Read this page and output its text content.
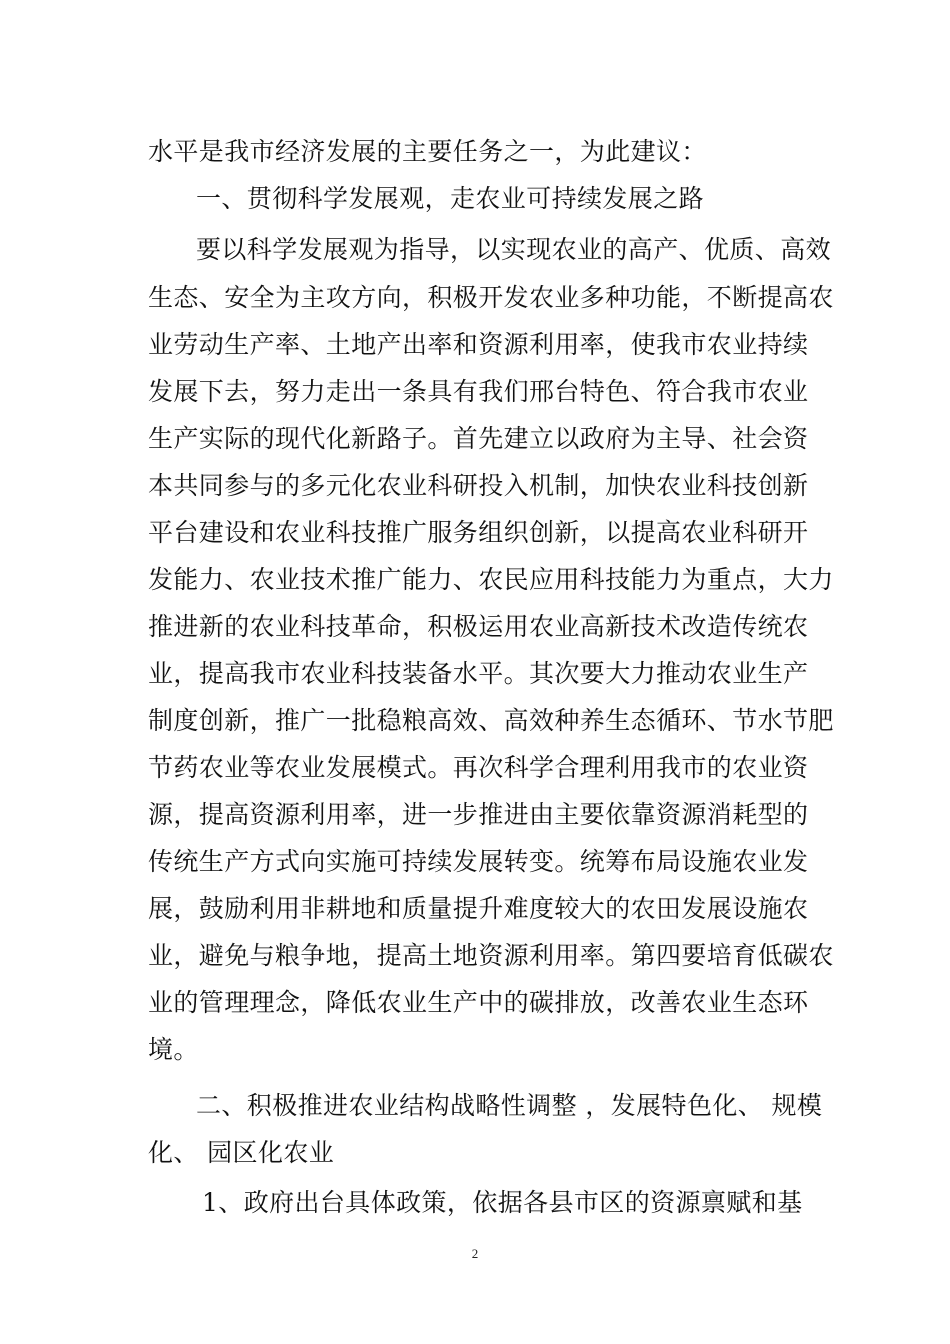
水平是我市经济发展的主要任务之一，为此建议：
一、贯彻科学发展观，走农业可持续发展之路
要以科学发展观为指导，以实现农业的高产、优质、高效
生态、安全为主攻方向，积极开发农业多种功能，不断提高农
业劳动生产率、土地产出率和资源利用率，使我市农业持续
发展下去，努力走出一条具有我们邢台特色、符合我市农业
生产实际的现代化新路子。首先建立以政府为主导、社会资
本共同参与的多元化农业科研投入机制，加快农业科技创新
平台建设和农业科技推广服务组织创新，以提高农业科研开
发能力、农业技术推广能力、农民应用科技能力为重点，大力
推进新的农业科技革命，积极运用农业高新技术改造传统农
业，提高我市农业科技装备水平。其次要大力推动农业生产
制度创新，推广一批稳粮高效、高效种养生态循环、节水节肥
节药农业等农业发展模式。再次科学合理利用我市的农业资
源，提高资源利用率，进一步推进由主要依靠资源消耗型的
传统生产方式向实施可持续发展转变。统筹布局设施农业发
展，鼓励利用非耕地和质量提升难度较大的农田发展设施农
业，避免与粮争地，提高土地资源利用率。第四要培育低碳农
业的管理理念，降低农业生产中的碳排放，改善农业生态环
境。
二、积极推进农业结构战略性调整 ，发展特色化、 规模
化、 园区化农业
1、政府出台具体政策，依据各县市区的资源禀赋和基
2
